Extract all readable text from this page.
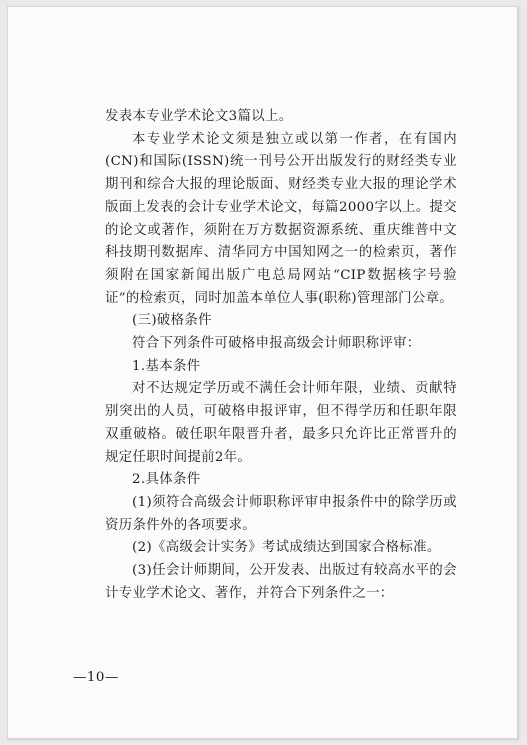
发表本专业学术论文3篇以上。

本专业学术论文须是独立或以第一作者，在有国内(CN)和国际(ISSN)统一刊号公开出版发行的财经类专业期刊和综合大报的理论版面、财经类专业大报的理论学术版面上发表的会计专业学术论文，每篇2000字以上。提交的论文或著作，须附在万方数据资源系统、重庆维普中文科技期刊数据库、清华同方中国知网之一的检索页，著作须附在国家新闻出版广电总局网站“CIP数据核字号验证”的检索页，同时加盖本单位人事(职称)管理部门公章。

(三)破格条件

符合下列条件可破格申报高级会计师职称评审：

1.基本条件

对不达规定学历或不满任会计师年限，业绩、贡献特别突出的人员，可破格申报评审，但不得学历和任职年限双重破格。破任职年限晋升者，最多只允许比正常晋升的规定任职时间提前2年。

2.具体条件

(1)须符合高级会计师职称评审申报条件中的除学历或资历条件外的各项要求。

(2)《高级会计实务》考试成绩达到国家合格标准。

(3)任会计师期间，公开发表、出版过有较高水平的会计专业学术论文、著作，并符合下列条件之一：

—10—
